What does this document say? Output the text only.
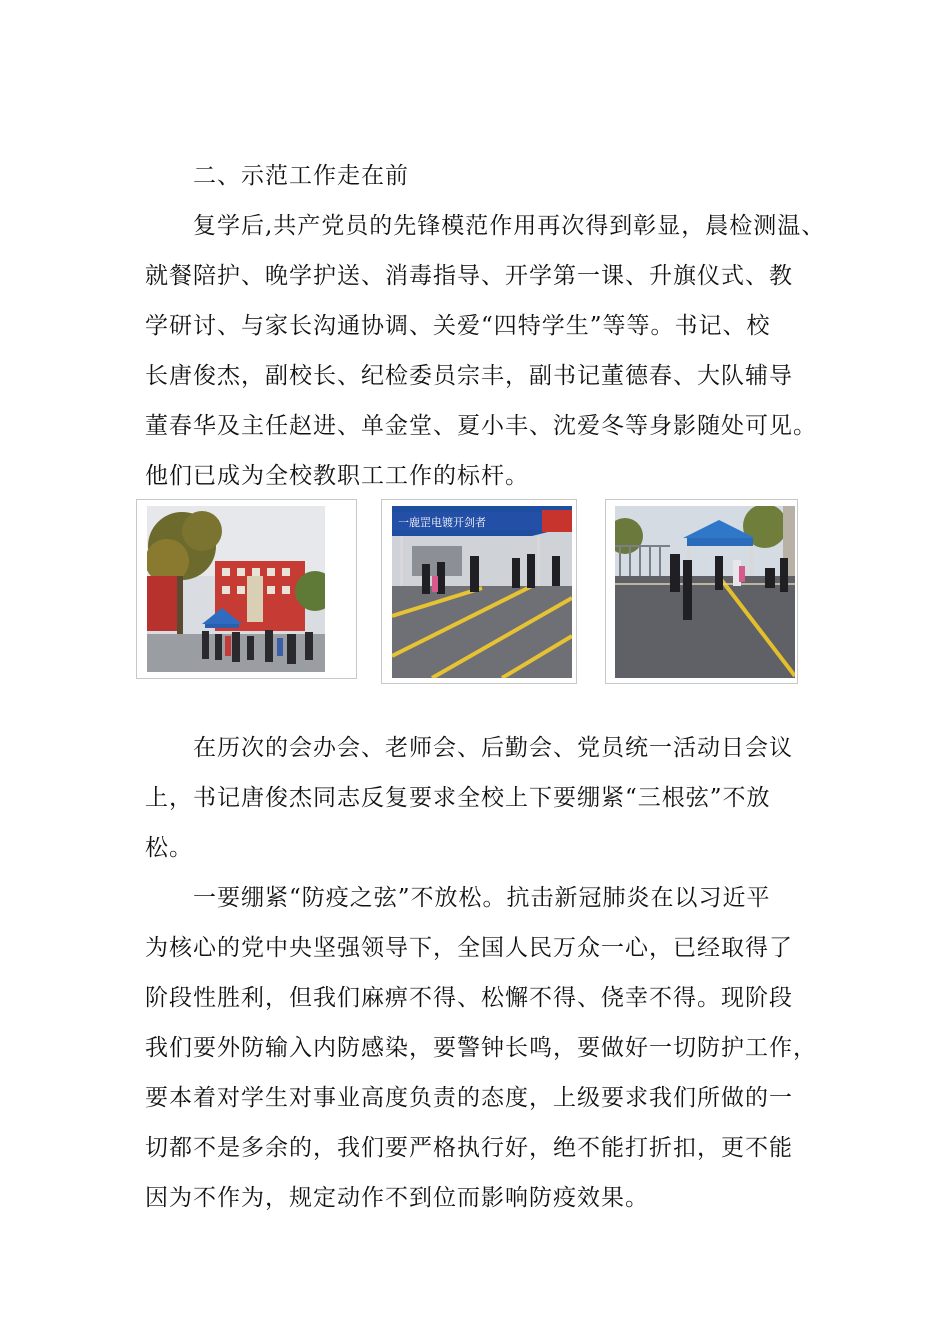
二、示范工作走在前
复学后,共产党员的先锋模范作用再次得到彰显，晨检测温、
就餐陪护、晚学护送、消毒指导、开学第一课、升旗仪式、教
学研讨、与家长沟通协调、关爱“四特学生”等等。书记、校
长唐俊杰，副校长、纪检委员宗丰，副书记董德春、大队辅导
董春华及主任赵进、单金堂、夏小丰、沈爱冬等身影随处可见。
他们已成为全校教职工工作的标杆。
一鹿罡电镀开剑者
在历次的会办会、老师会、后勤会、党员统一活动日会议
上，书记唐俊杰同志反复要求全校上下要绷紧“三根弦”不放
松。
一要绷紧“防疫之弦”不放松。抗击新冠肺炎在以习近平
为核心的党中央坚强领导下，全国人民万众一心，已经取得了
阶段性胜利，但我们麻痹不得、松懈不得、侥幸不得。现阶段
我们要外防输入内防感染，要警钟长鸣，要做好一切防护工作，
要本着对学生对事业高度负责的态度，上级要求我们所做的一
切都不是多余的，我们要严格执行好，绝不能打折扣，更不能
因为不作为，规定动作不到位而影响防疫效果。
